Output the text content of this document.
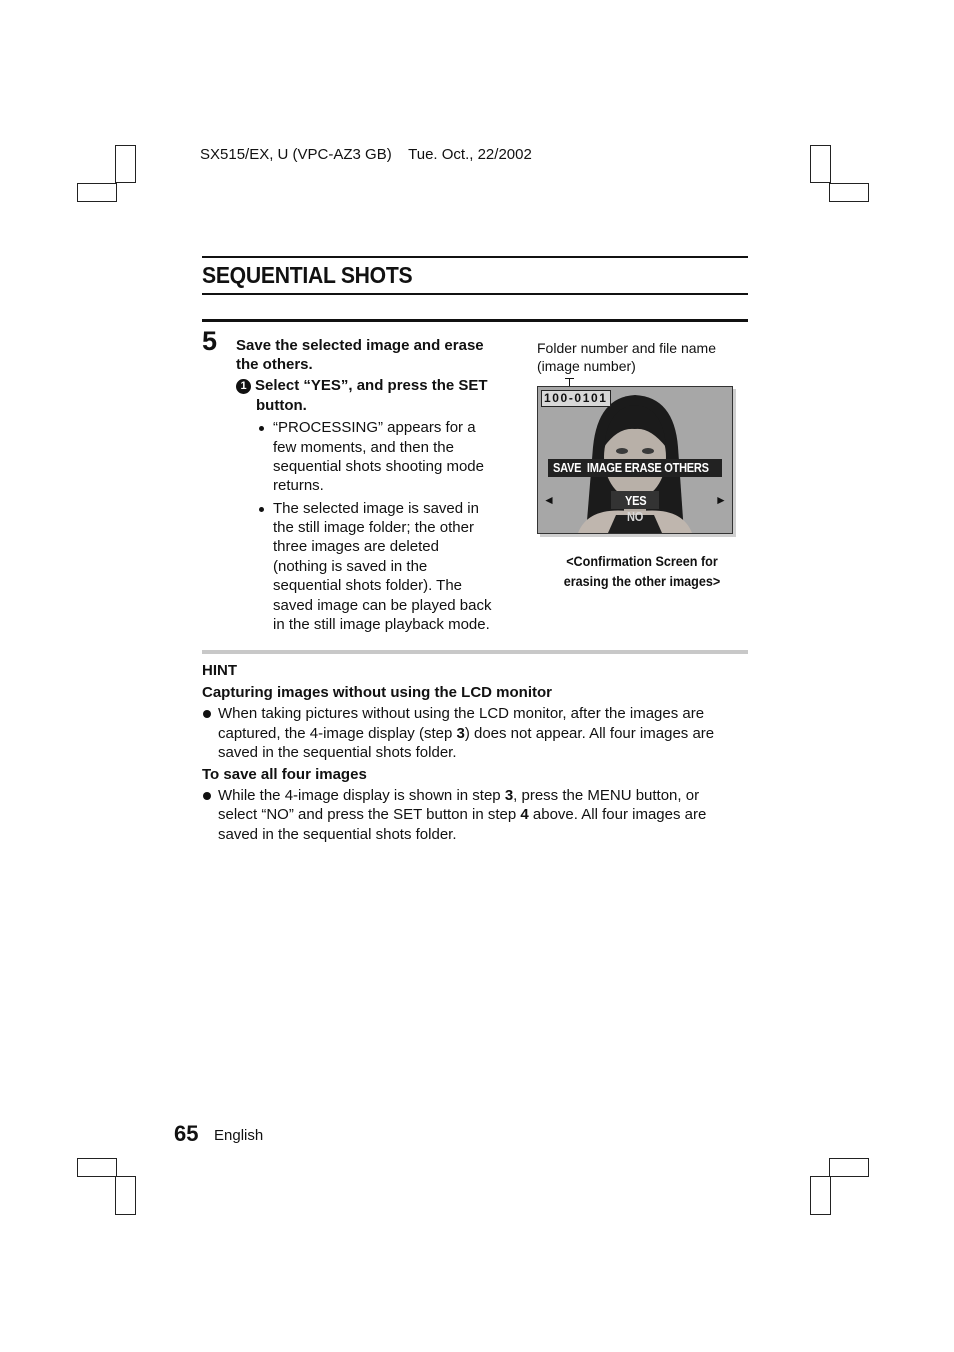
SX515/EX, U (VPC-AZ3 GB)    Tue. Oct., 22/2002
SEQUENTIAL SHOTS
5 Save the selected image and erase
the others.
1 Select “YES”, and press the SET
button.
“PROCESSING” appears for a
few moments, and then the
sequential shots shooting mode
returns.
The selected image is saved in
the still image folder; the other
three images are deleted
(nothing is saved in the
sequential shots folder). The
saved image can be played back
in the still image playback mode.
Folder number and file name
(image number)
100-0101
SAVE  IMAGE ERASE OTHERS
YES
NO
◄	►
<Confirmation Screen for
erasing the other images>
HINT
Capturing images without using the LCD monitor
When taking pictures without using the LCD monitor, after the images are
captured, the 4-image display (step 3) does not appear. All four images are
saved in the sequential shots folder.
To save all four images
While the 4-image display is shown in step 3, press the MENU button, or
select “NO” and press the SET button in step 4 above. All four images are
saved in the sequential shots folder.
65 English
